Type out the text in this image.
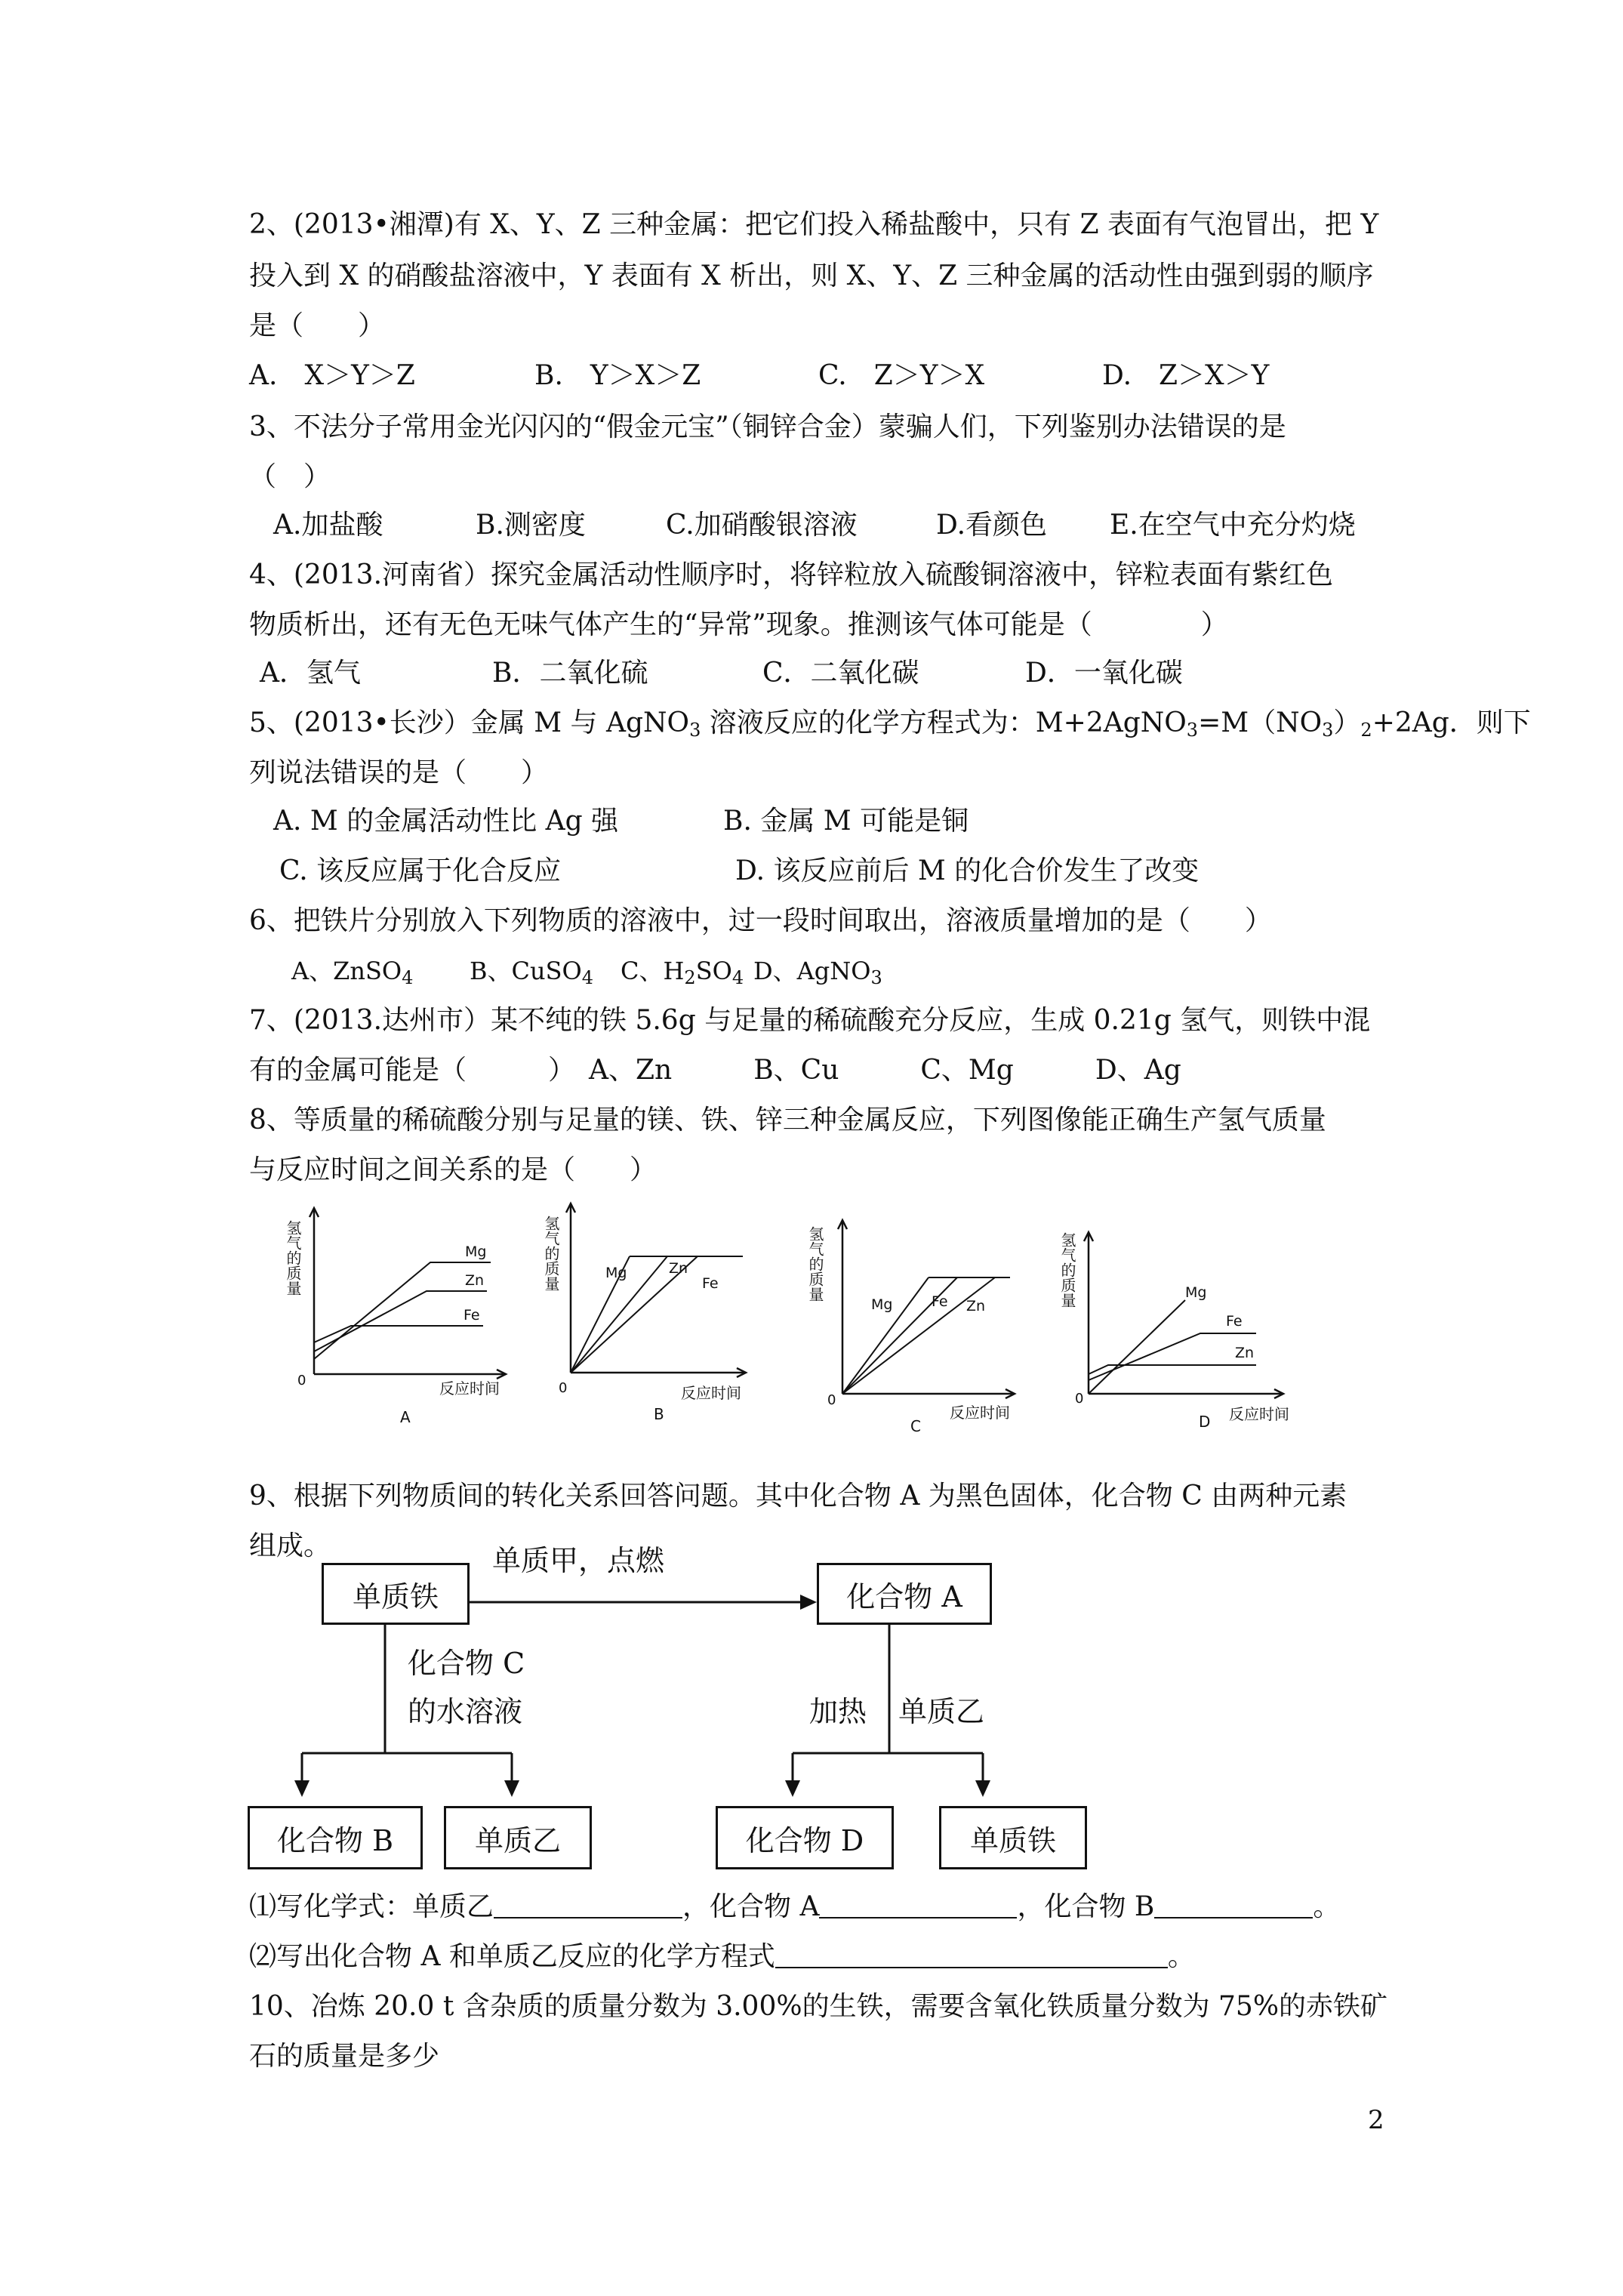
2、(2013•湘潭)有 X、Y、Z 三种金属：把它们投入稀盐酸中，只有 Z 表面有气泡冒出，把 Y
投入到 X 的硝酸盐溶液中，Y 表面有 X 析出，则 X、Y、Z 三种金属的活动性由强到弱的顺序
是（　　）
A.　X＞Y＞Z	B.　Y＞X＞Z	C.　Z＞Y＞X	D.　Z＞X＞Y
3、不法分子常用金光闪闪的“假金元宝”（铜锌合金）蒙骗人们，下列鉴别办法错误的是
（　）
A.加盐酸	B.测密度	C.加硝酸银溶液	D.看颜色 E.在空气中充分灼烧
4、(2013.河南省）探究金属活动性顺序时，将锌粒放入硫酸铜溶液中，锌粒表面有紫红色
物质析出，还有无色无味气体产生的“异常”现象。推测该气体可能是（　　　　）
A．氢气	B．二氧化硫	C．二氧化碳	D．一氧化碳
5、(2013•长沙）金属 M 与 AgNO$_3$ 溶液反应的化学方程式为：$M+2AgNO_3=M(NO_3)_2+2Ag$．则下
列说法错误的是（　　）
A. M 的金属活动性比 Ag 强	B. 金属 M 可能是铜
C. 该反应属于化合反应	D. 该反应前后 M 的化合价发生了改变
6、把铁片分别放入下列物质的溶液中，过一段时间取出，溶液质量增加的是（　　）
A、ZnSO$_4$ B、CuSO$_4$ C、$H_2SO_4$ D、AgNO$_3$
7、(2013.达州市）某不纯的铁 5.6g 与足量的稀硫酸充分反应，生成 0.21g 氢气，则铁中混
有的金属可能是（　　　）　A、Zn　　　B、Cu　　　C、Mg　　　D、Ag
8、等质量的稀硫酸分别与足量的镁、铁、锌三种金属反应，下列图像能正确生产氢气质量
与反应时间之间关系的是（　　）
氢气的质量
0	反应时间
Mg
Zn
Fe
A
氢气的质量
0	反应时间
Mg	Zn
Fe
B
氢气的质量
0
反应时间
Mg	Fe Zn
C
氢气的质量
0
反应时间
Mg
Fe
Zn
D
9、根据下列物质间的转化关系回答问题。其中化合物 A 为黑色固体，化合物 C 由两种元素
组成。
单质铁	化合物 A
化合物 B	单质乙	化合物 D	单质铁
单质甲，点燃
化合物 C
的水溶液	加热 单质乙
⑴写化学式：单质乙	，化合物 A	，化合物 B	。
⑵写出化合物 A 和单质乙反应的化学方程式	。
10、冶炼 20.0 t 含杂质的质量分数为 3.00%的生铁，需要含氧化铁质量分数为 75%的赤铁矿
石的质量是多少
2
